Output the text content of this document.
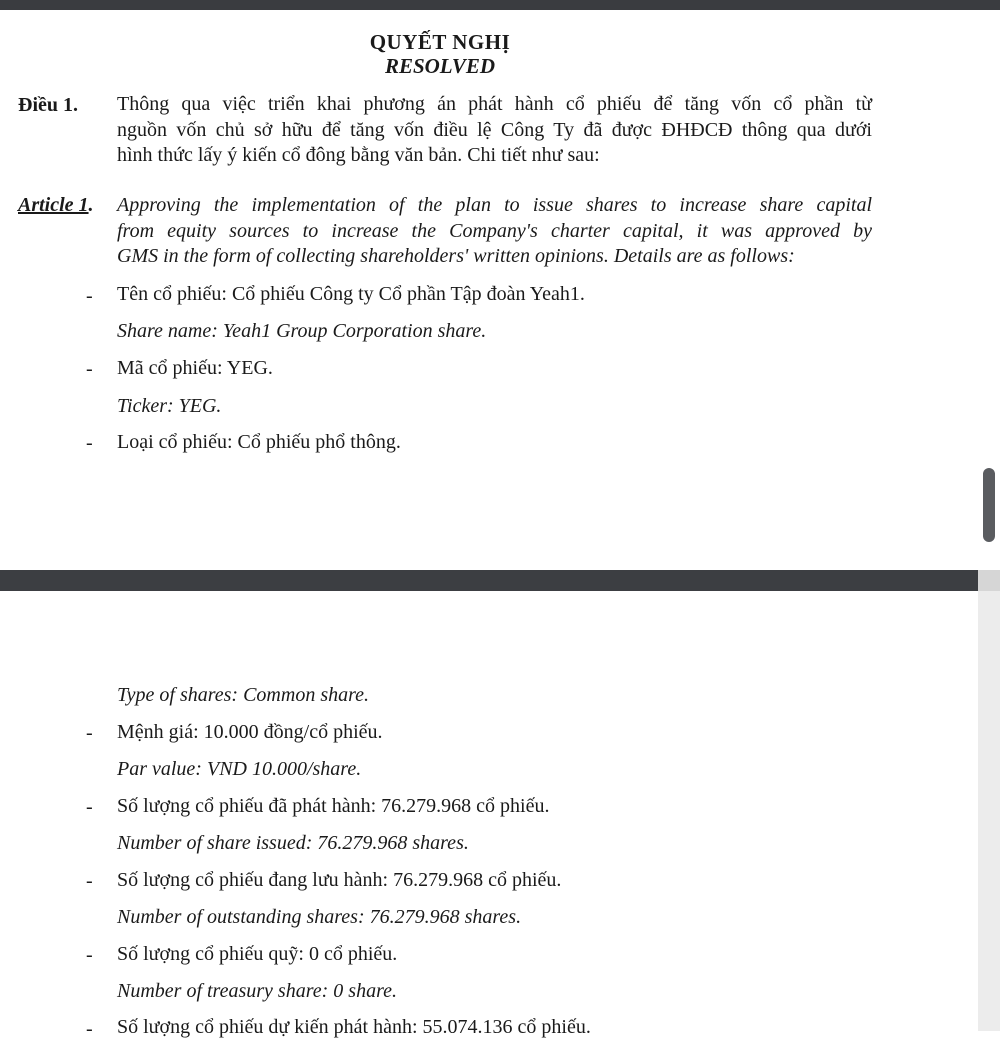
QUYẾT NGHỊ
RESOLVED
Điều 1. Thông qua việc triển khai phương án phát hành cổ phiếu để tăng vốn cổ phần từ
nguồn vốn chủ sở hữu để tăng vốn điều lệ Công Ty đã được ĐHĐCĐ thông qua dưới
hình thức lấy ý kiến cổ đông bằng văn bản. Chi tiết như sau:
Article 1. Approving the implementation of the plan to issue shares to increase share capital
from equity sources to increase the Company's charter capital, it was approved by
GMS in the form of collecting shareholders' written opinions. Details are as follows:
- Tên cổ phiếu: Cổ phiếu Công ty Cổ phần Tập đoàn Yeah1.
Share name: Yeah1 Group Corporation share.
- Mã cổ phiếu: YEG.
Ticker: YEG.
- Loại cổ phiếu: Cổ phiếu phổ thông.
Type of shares: Common share.
- Mệnh giá: 10.000 đồng/cổ phiếu.
Par value: VND 10.000/share.
- Số lượng cổ phiếu đã phát hành: 76.279.968 cổ phiếu.
Number of share issued: 76.279.968 shares.
- Số lượng cổ phiếu đang lưu hành: 76.279.968 cổ phiếu.
Number of outstanding shares: 76.279.968 shares.
- Số lượng cổ phiếu quỹ: 0 cổ phiếu.
Number of treasury share: 0 share.
- Số lượng cổ phiếu dự kiến phát hành: 55.074.136 cổ phiếu.
